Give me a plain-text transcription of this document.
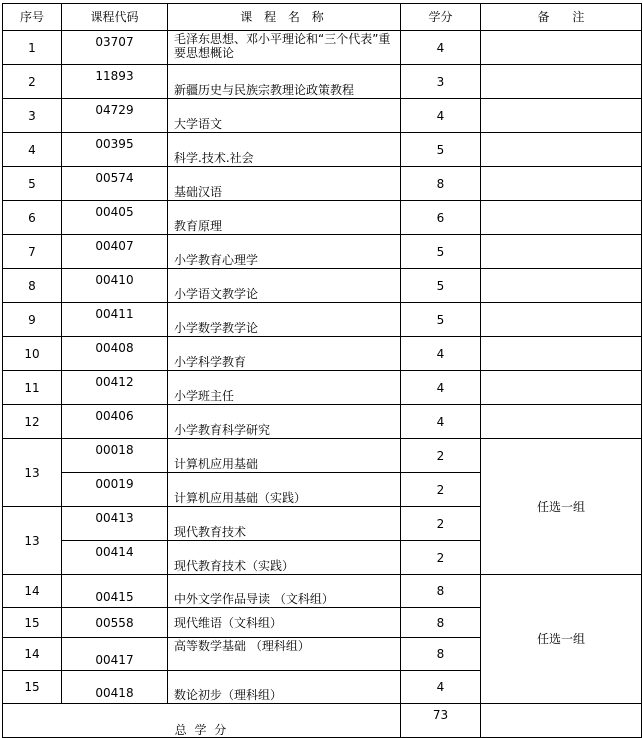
序号	课程代码	课 程 名 称	学分	备      注
1	03707	毛泽东思想、邓小平理论和“三个代表”重要思想概论	4	
2	11893	新疆历史与民族宗教理论政策教程	3	
3	04729	大学语文	4	
4	00395	科学.技术.社会	5	
5	00574	基础汉语	8	
6	00405	教育原理	6	
7	00407	小学教育心理学	5	
8	00410	小学语文教学论	5	
9	00411	小学数学教学论	5	
10	00408	小学科学教育	4	
11	00412	小学班主任	4	
12	00406	小学教育科学研究	4	
13	00018	计算机应用基础	2	任选一组
	00019	计算机应用基础（实践）	2	
13	00413	现代教育技术	2	
	00414	现代教育技术（实践）	2	
14	00415	中外文学作品导读 （文科组）	8	任选一组
15	00558	现代维语（文科组）	8	
14	00417	高等数学基础 （理科组）	8	
15	00418	数论初步（理科组）	4	
总 学 分			73	
